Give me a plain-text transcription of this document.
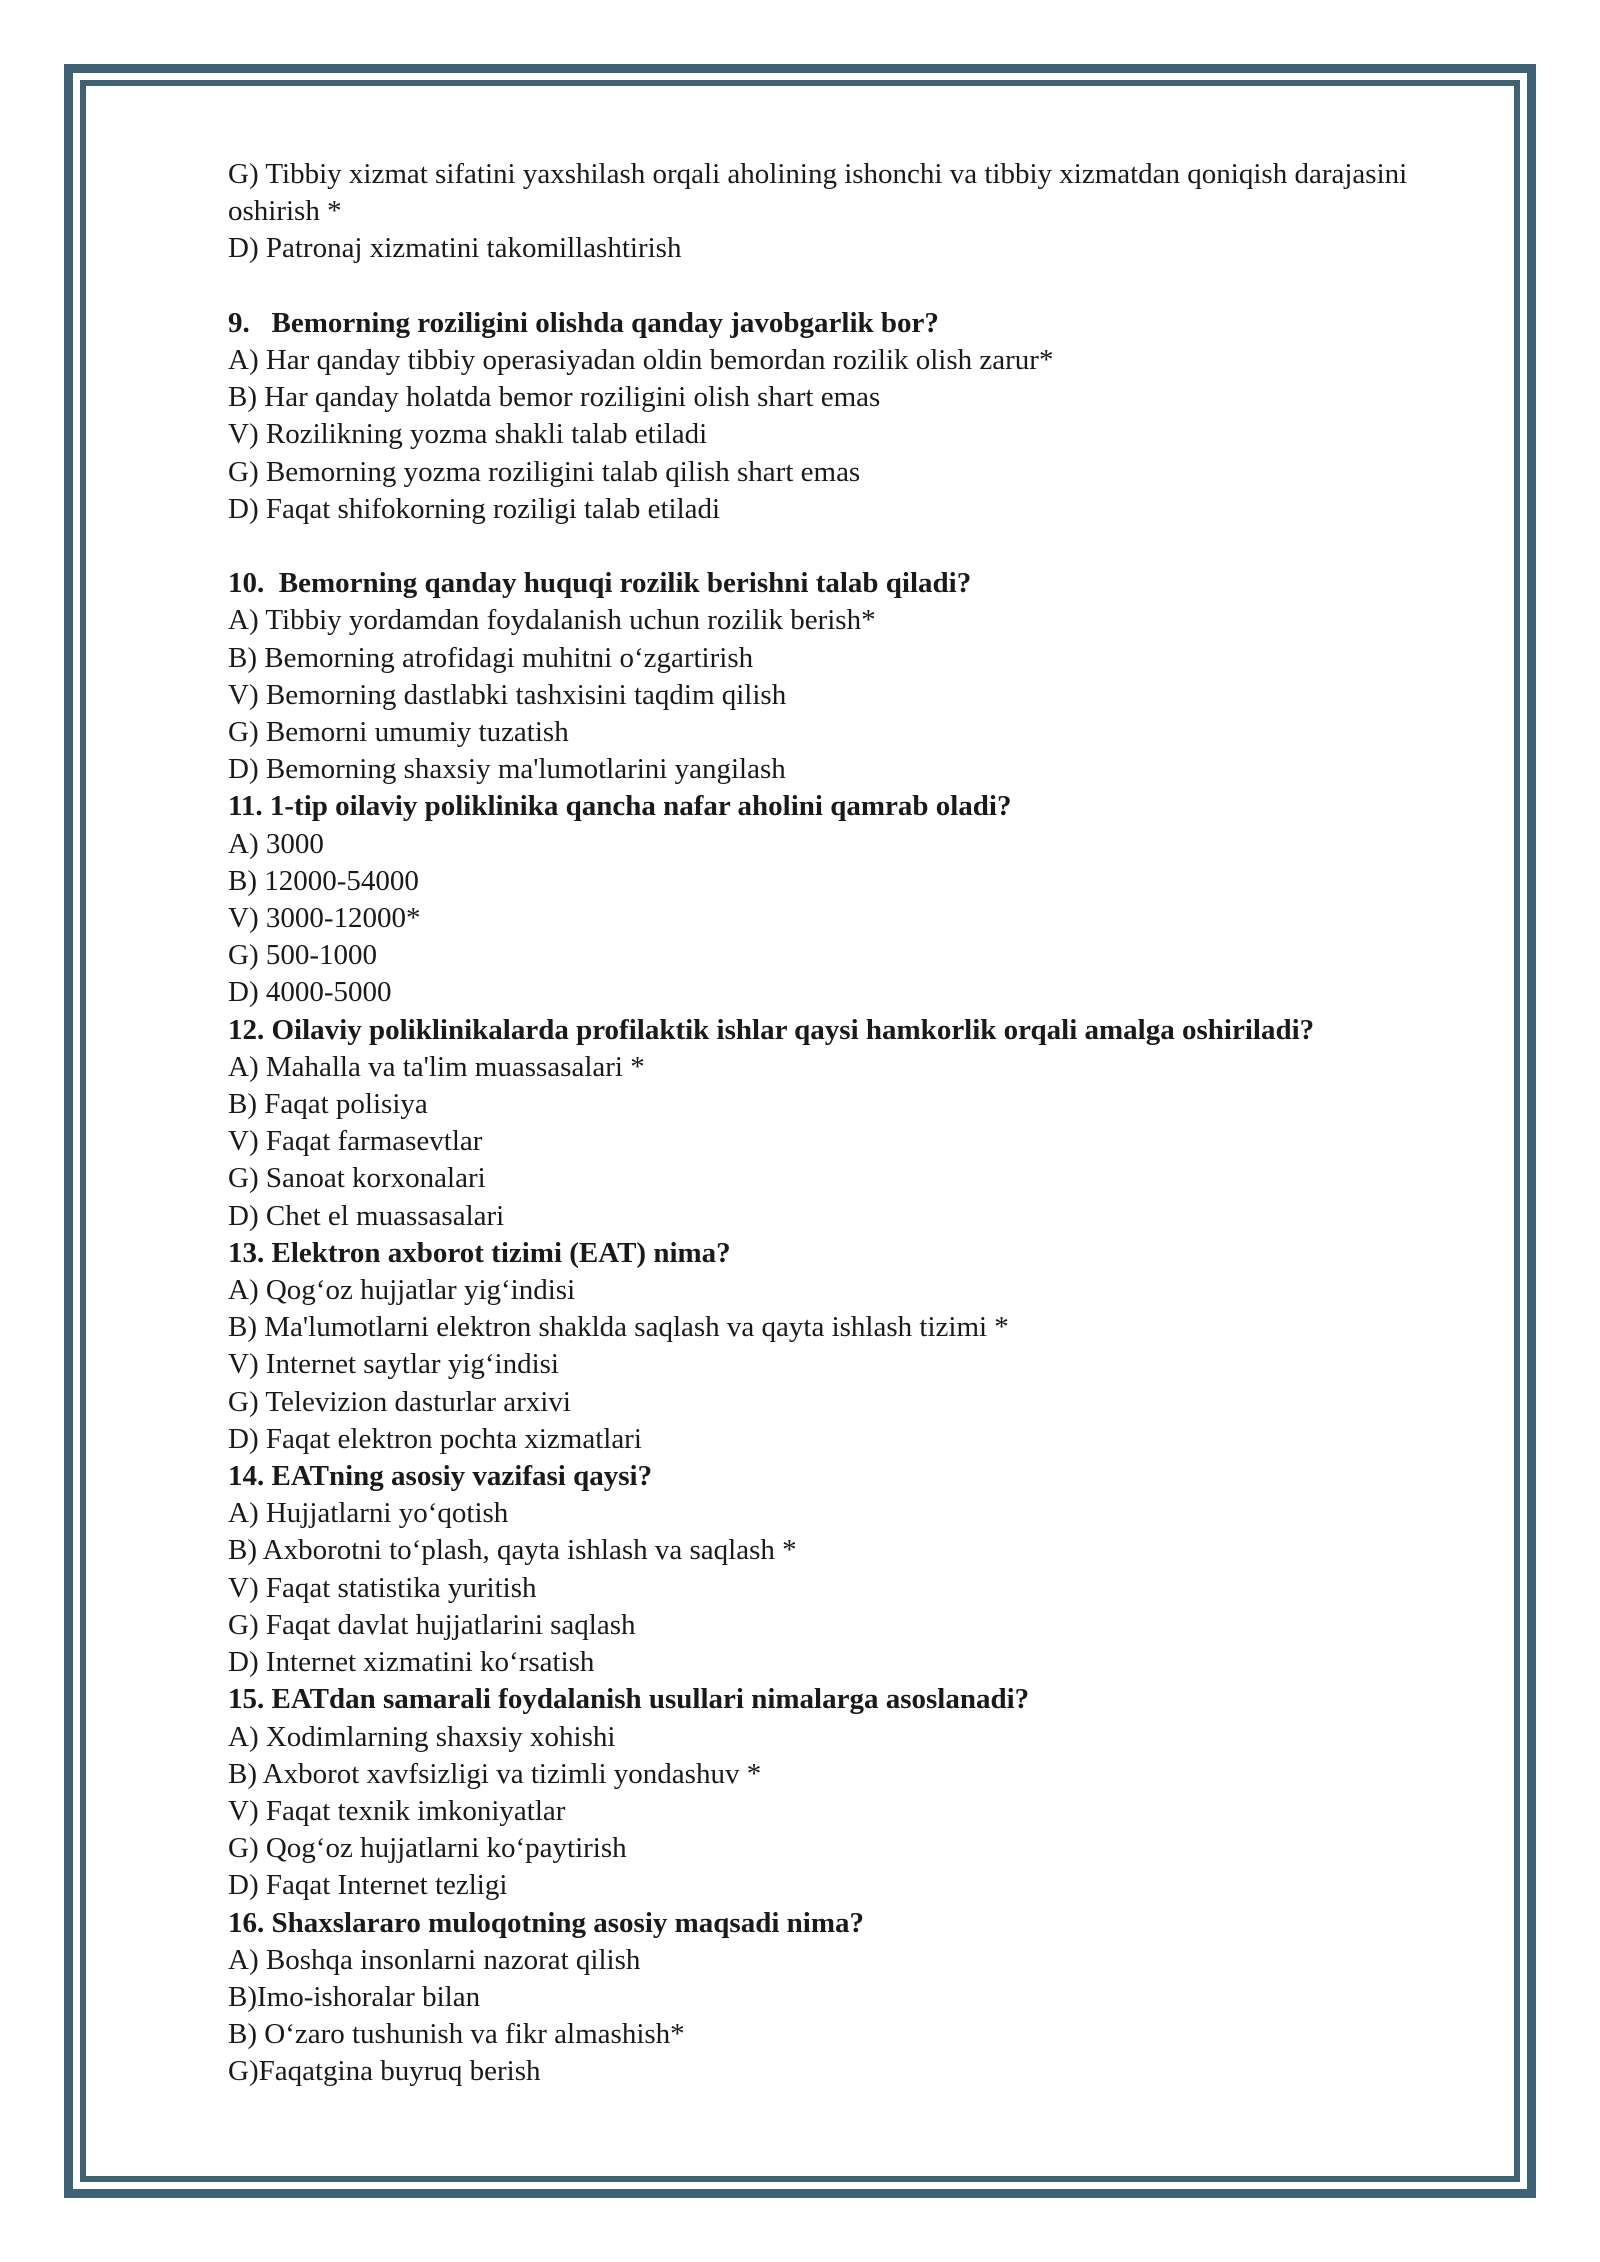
G) Tibbiy xizmat sifatini yaxshilash orqali aholining ishonchi va tibbiy xizmatdan qoniqish darajasini oshirish *

D) Patronaj xizmatini takomillashtirish

9.   Bemorning roziligini olishda qanday javobgarlik bor?

A) Har qanday tibbiy operasiyadan oldin bemordan rozilik olish zarur*

B) Har qanday holatda bemor roziligini olish shart emas

V) Rozilikning yozma shakli talab etiladi

G) Bemorning yozma roziligini talab qilish shart emas

D) Faqat shifokorning roziligi talab etiladi

10.  Bemorning qanday huquqi rozilik berishni talab qiladi?

A) Tibbiy yordamdan foydalanish uchun rozilik berish*

B) Bemorning atrofidagi muhitni o‘zgartirish

V) Bemorning dastlabki tashxisini taqdim qilish

G) Bemorni umumiy tuzatish

D) Bemorning shaxsiy ma'lumotlarini yangilash

11. 1-tip oilaviy poliklinika qancha nafar aholini qamrab oladi?

A) 3000

B) 12000-54000

V) 3000-12000*

G) 500-1000

D) 4000-5000

12. Oilaviy poliklinikalarda profilaktik ishlar qaysi hamkorlik orqali amalga oshiriladi?

A) Mahalla va ta'lim muassasalari *

B) Faqat polisiya

V) Faqat farmasevtlar

G) Sanoat korxonalari

D) Chet el muassasalari

13. Elektron axborot tizimi (EAT) nima?

A) Qog‘oz hujjatlar yig‘indisi

B) Ma'lumotlarni elektron shaklda saqlash va qayta ishlash tizimi *

V) Internet saytlar yig‘indisi

G) Televizion dasturlar arxivi

D) Faqat elektron pochta xizmatlari

14. EATning asosiy vazifasi qaysi?

A) Hujjatlarni yo‘qotish

B) Axborotni to‘plash, qayta ishlash va saqlash *

V) Faqat statistika yuritish

G) Faqat davlat hujjatlarini saqlash

D) Internet xizmatini ko‘rsatish

15. EATdan samarali foydalanish usullari nimalarga asoslanadi?

A) Xodimlarning shaxsiy xohishi

B) Axborot xavfsizligi va tizimli yondashuv *

V) Faqat texnik imkoniyatlar

G) Qog‘oz hujjatlarni ko‘paytirish

D) Faqat Internet tezligi

16. Shaxslararo muloqotning asosiy maqsadi nima?

A) Boshqa insonlarni nazorat qilish

B)Imo-ishoralar bilan

B) O‘zaro tushunish va fikr almashish*

G)Faqatgina buyruq berish
